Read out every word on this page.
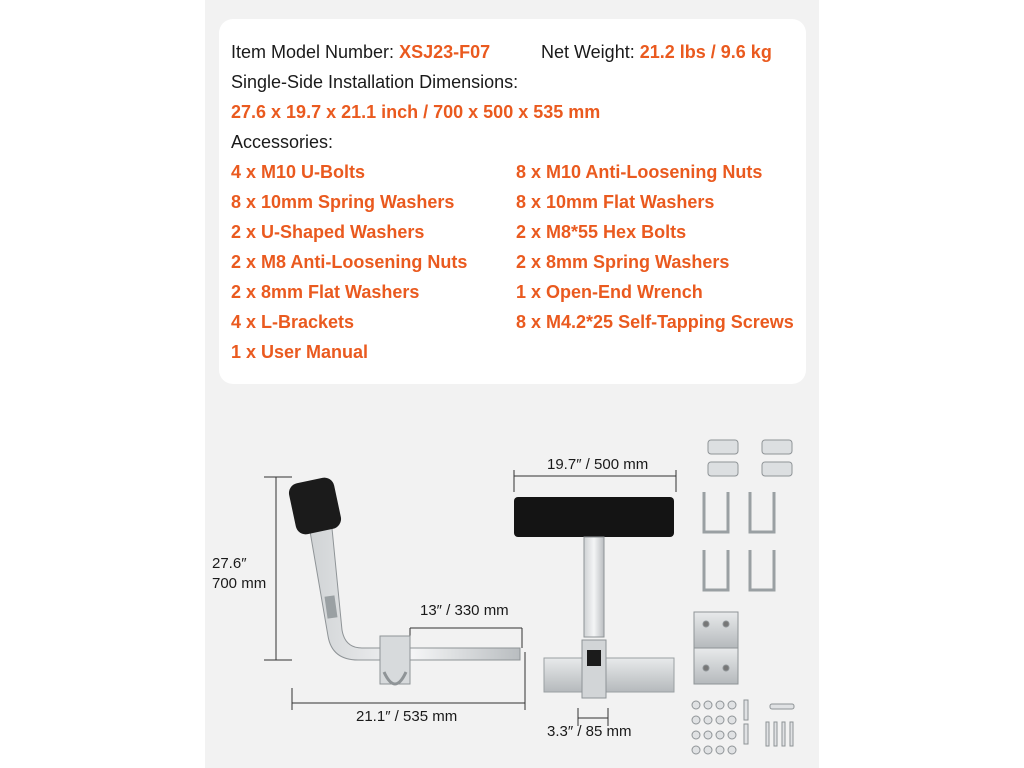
Item Model Number: XSJ23-F07	Net Weight: 21.2 lbs / 9.6 kg
Single-Side Installation Dimensions:
27.6 x 19.7 x 21.1 inch / 700 x 500 x 535 mm
Accessories:
4 x M10 U-Bolts
8 x 10mm Spring Washers
2 x U-Shaped Washers
2 x M8 Anti-Loosening Nuts
2 x 8mm Flat Washers
4 x L-Brackets
1 x User Manual
8 x M10 Anti-Loosening Nuts
8 x 10mm Flat Washers
2 x M8*55 Hex Bolts
2 x 8mm Spring Washers
1 x Open-End Wrench
8 x M4.2*25 Self-Tapping Screws
27.6″
700 mm
13″ / 330 mm
21.1″ / 535 mm
19.7″ / 500 mm
3.3″ / 85 mm
